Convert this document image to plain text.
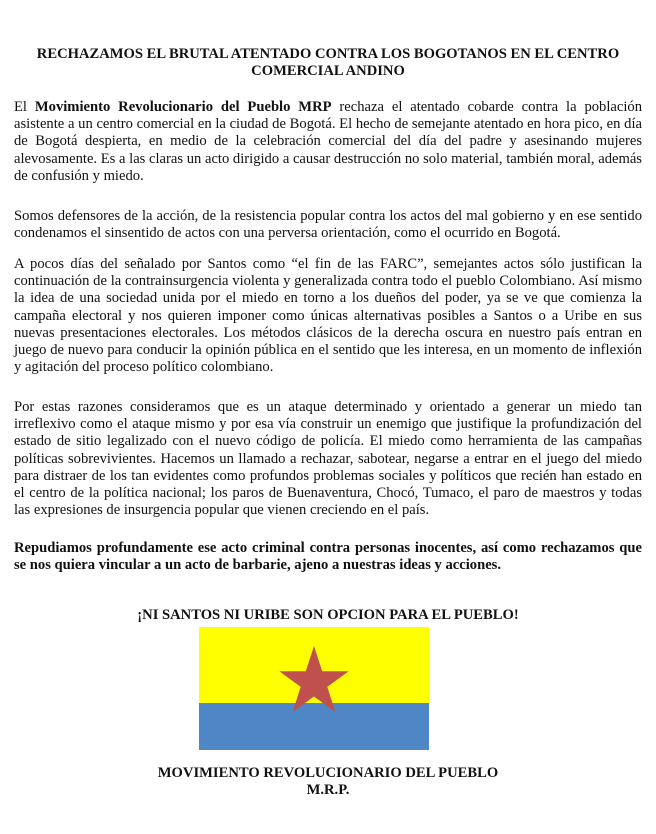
RECHAZAMOS EL BRUTAL ATENTADO CONTRA LOS BOGOTANOS EN EL CENTRO
COMERCIAL ANDINO

El Movimiento Revolucionario del Pueblo MRP rechaza el atentado cobarde contra la población asistente a un centro comercial en la ciudad de Bogotá. El hecho de semejante atentado en hora pico, en día de Bogotá despierta, en medio de la celebración comercial del día del padre y asesinando mujeres alevosamente. Es a las claras un acto dirigido a causar destrucción no solo material, también moral, además de confusión y miedo.

Somos defensores de la acción, de la resistencia popular contra los actos del mal gobierno y en ese sentido condenamos el sinsentido de actos con una perversa orientación, como el ocurrido en Bogotá.

A pocos días del señalado por Santos como “el fin de las FARC”, semejantes actos sólo justifican la continuación de la contrainsurgencia violenta y generalizada contra todo el pueblo Colombiano. Así mismo la idea de una sociedad unida por el miedo en torno a los dueños del poder, ya se ve que comienza la campaña electoral y nos quieren imponer como únicas alternativas posibles a Santos o a Uribe en sus nuevas presentaciones electorales. Los métodos clásicos de la derecha oscura en nuestro país entran en juego de nuevo para conducir la opinión pública en el sentido que les interesa, en un momento de inflexión y agitación del proceso político colombiano.

Por estas razones consideramos que es un ataque determinado y orientado a generar un miedo tan irreflexivo como el ataque mismo y por esa vía construir un enemigo que justifique la profundización del estado de sitio legalizado con el nuevo código de policía. El miedo como herramienta de las campañas políticas sobrevivientes. Hacemos un llamado a rechazar, sabotear, negarse a entrar en el juego del miedo para distraer de los tan evidentes como profundos problemas sociales y políticos que recién han estado en el centro de la política nacional; los paros de Buenaventura, Chocó, Tumaco, el paro de maestros y todas las expresiones de insurgencia popular que vienen creciendo en el país.

Repudiamos profundamente ese acto criminal contra personas inocentes, así como rechazamos que se nos quiera vincular a un acto de barbarie, ajeno a nuestras ideas y acciones.

¡NI SANTOS NI URIBE SON OPCION PARA EL PUEBLO!
MOVIMIENTO REVOLUCIONARIO DEL PUEBLO
M.R.P.
